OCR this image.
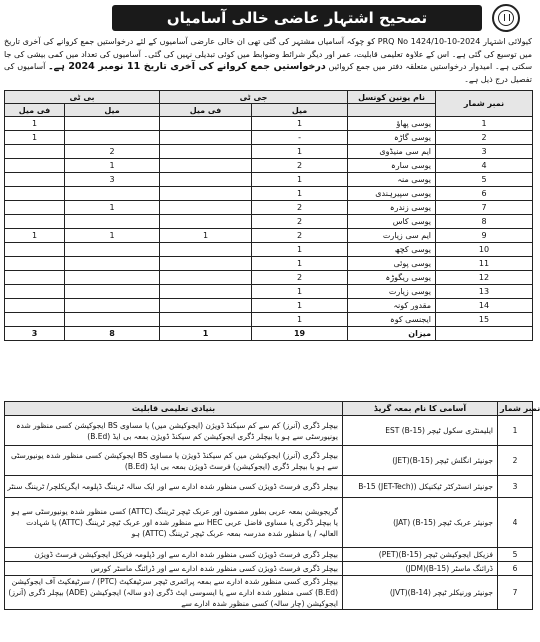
تصحیح اشتہار عاضی خالی آسامیاں
کیولائی اشتہار PRQ No 1424/10-10-2024 کو چوکہ آسامیاں مشتہر کی گئی تھی ان خالی عارضی آسامیوں کے لئے درخواستیں جمع کروانے کی آخری تاریخ میں توسیع کی گئی ہے۔ اس کے علاوہ تعلیمی قابلیت، عمر اور دیگر شرائط وضوابط میں کوئی تبدیلی نہیں کی گئی۔ آسامیوں کی تعداد میں کمی بیشی کی جا سکتی ہے۔ امیدوار درخواستیں متعلقہ دفتر میں جمع کروائیں درخواستیں جمع کروانے کی آخری تاریخ 11 نومبر 2024 ہے۔ آسامیوں کی تفصیل درج ذیل ہے۔
بی ٹی		جی ٹی		نام یونین کونسل	نمبر شمار
فی میل	میل	فی میل	میل		
1			1	یوسی پھاؤ	1
1			-	یوسی گاڑہ	2
	2		1	ایم سی منیڈوی	3
	1		2	یوسی سارہ	4
	3		1	یوسی منہ	5
			1	یوسی سپیرہندی	6
	1		2	یوسی زندرہ	7
			2	یوسی کاس	8
1	1	1	2	ایم سی زیارت	9
			1	یوسی کچھ	10
			1	یوسی پوئی	11
			2	یوسی ریگوڑہ	12
			1	یوسی زیارت	13
			1	مقدور کونہ	14
			1	ایجنسی کوہ	15
3	8	1	19	میزان	
بنیادی تعلیمی قابلیت	آسامی کا نام بمعہ گریڈ	نمبر شمار
بیچلر ڈگری (آنرز) کم سے کم سیکنڈ ڈویژن (ایجوکیشن میں) یا مساوی BS ایجوکیشن کسی منظور شدہ یونیورسٹی سے ہو یا بیچلر ڈگری ایجوکیشن کم سیکنڈ ڈویژن بمعہ بی ایڈ (B.Ed)	ایلیمنٹری سکول ٹیچر (B-15) EST	1
بیچلر ڈگری (آنرز) ایجوکیشن میں کم سیکنڈ ڈویژن یا مساوی BS ایجوکیشن کسی منظور شدہ یونیورسٹی سے ہو یا بیچلر ڈگری (ایجوکیشن) فرسٹ ڈویژن بمعہ بی ایڈ (B.Ed)	جونیئر انگلش ٹیچر (B-15)(JET)	2
بیچلر ڈگری فرسٹ ڈویژن کسی منظور شدہ ادارے سے اور ایک سالہ ٹریننگ ڈپلومہ ایگریکلچر/ ٹریننگ سنٹر	جونیئر انسٹرکٹر ٹیکنیکل (B-15 (JET-Tech)	3
گریجویشن بمعہ عربی بطور مضمون اور عربک ٹیچر ٹریننگ (ATTC) کسی منظور شدہ یونیورسٹی سے ہو یا بیچلر ڈگری یا مساوی فاضل عربی HEC سے منظور شدہ اور عربک ٹیچر ٹریننگ (ATTC) یا شہادت العالیہ / یا منظور شدہ مدرسہ بمعہ عربک ٹیچر ٹریننگ (ATTC) ہو	جونیئر عربک ٹیچر (B-15) (JAT)	4
بیچلر ڈگری فرسٹ ڈویژن کسی منظور شدہ ادارے سے اور ڈپلومہ فزیکل ایجوکیشن فرسٹ ڈویژن	فزیکل ایجوکیشن ٹیچر (B-15)(PET)	5
بیچلر ڈگری فرسٹ ڈویژن کسی منظور شدہ ادارے سے اور ڈرائنگ ماسٹر کورس	ڈرائنگ ماسٹر (B-15)(JDM)	6
بیچلر ڈگری کسی منظور شدہ ادارے سے بمعہ پرائمری ٹیچر سرٹیفکیٹ (PTC) / سرٹیفکیٹ آف ایجوکیشن (B.Ed) کسی منظور شدہ ادارے سے یا ایسوسی ایٹ ڈگری (دو سالہ) ایجوکیشن (ADE) بیچلر ڈگری (آنرز) ایجوکیشن (چار سالہ) کسی منظور شدہ ادارے سے	جونیئر ورنیکلر ٹیچر (B-14)(JVT)	7
